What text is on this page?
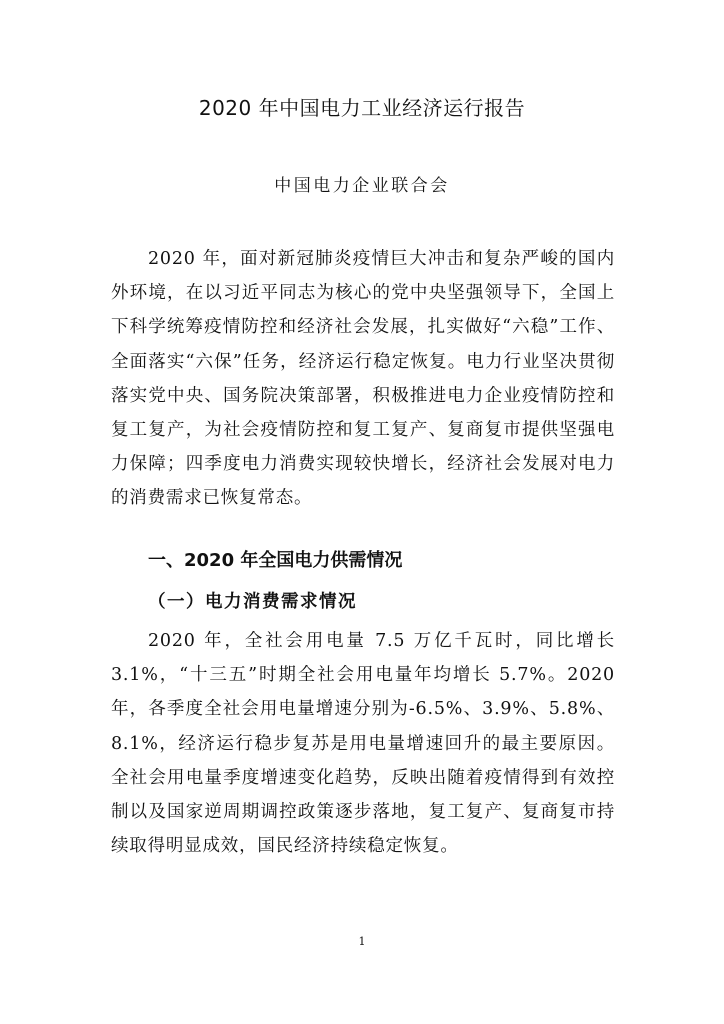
2020 年中国电力工业经济运行报告

中国电力企业联合会

2020 年，面对新冠肺炎疫情巨大冲击和复杂严峻的国内外环境，在以习近平同志为核心的党中央坚强领导下，全国上下科学统筹疫情防控和经济社会发展，扎实做好“六稳”工作、全面落实“六保”任务，经济运行稳定恢复。电力行业坚决贯彻落实党中央、国务院决策部署，积极推进电力企业疫情防控和复工复产，为社会疫情防控和复工复产、复商复市提供坚强电力保障；四季度电力消费实现较快增长，经济社会发展对电力的消费需求已恢复常态。

一、2020 年全国电力供需情况
（一）电力消费需求情况

2020 年，全社会用电量 7.5 万亿千瓦时，同比增长 3.1%，“十三五”时期全社会用电量年均增长 5.7%。2020 年，各季度全社会用电量增速分别为-6.5%、3.9%、5.8%、8.1%，经济运行稳步复苏是用电量增速回升的最主要原因。全社会用电量季度增速变化趋势，反映出随着疫情得到有效控制以及国家逆周期调控政策逐步落地，复工复产、复商复市持续取得明显成效，国民经济持续稳定恢复。

1
